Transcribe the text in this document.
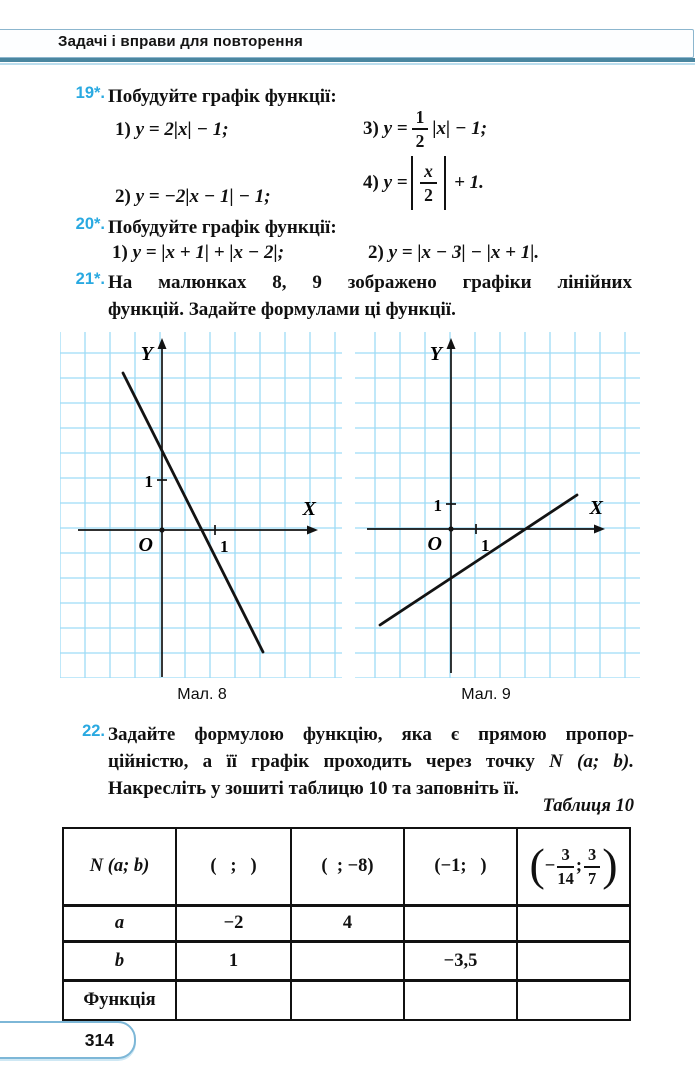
Задачі і вправи для повторення
19*. Побудуйте графік функції:
1) y = 2|x| − 1;	3)
$y = \frac{1}{2} |x| - 1$;
2) y = −2|x − 1| − 1;
4)
$y = \frac{x}{2}$
+ 1.
20*. Побудуйте графік функції:
1) y = |x + 1| + |x − 2|;	2) y = |x − 3| − |x + 1|.
21*. На малюнках 8, 9 зображено графіки лінійних
функцій. Задайте формулами ці функції.
Y
X
O
1
1
Y
X
O
1
1
Мал. 8	Мал. 9
22. Задайте формулою функцію, яка є прямою пропор-
ційністю, а її графік проходить через точку N (a; b).
Накресліть у зошиті таблицю 10 та заповніть її.
Таблиця 10
N (a; b)	(   ;   )	(  ; −8)	(−1;   )	( − $\frac{3}{14}$ ; $\frac{3}{7}$ )

a	−2	4		
b	1		−3,5	
Функція				
314
